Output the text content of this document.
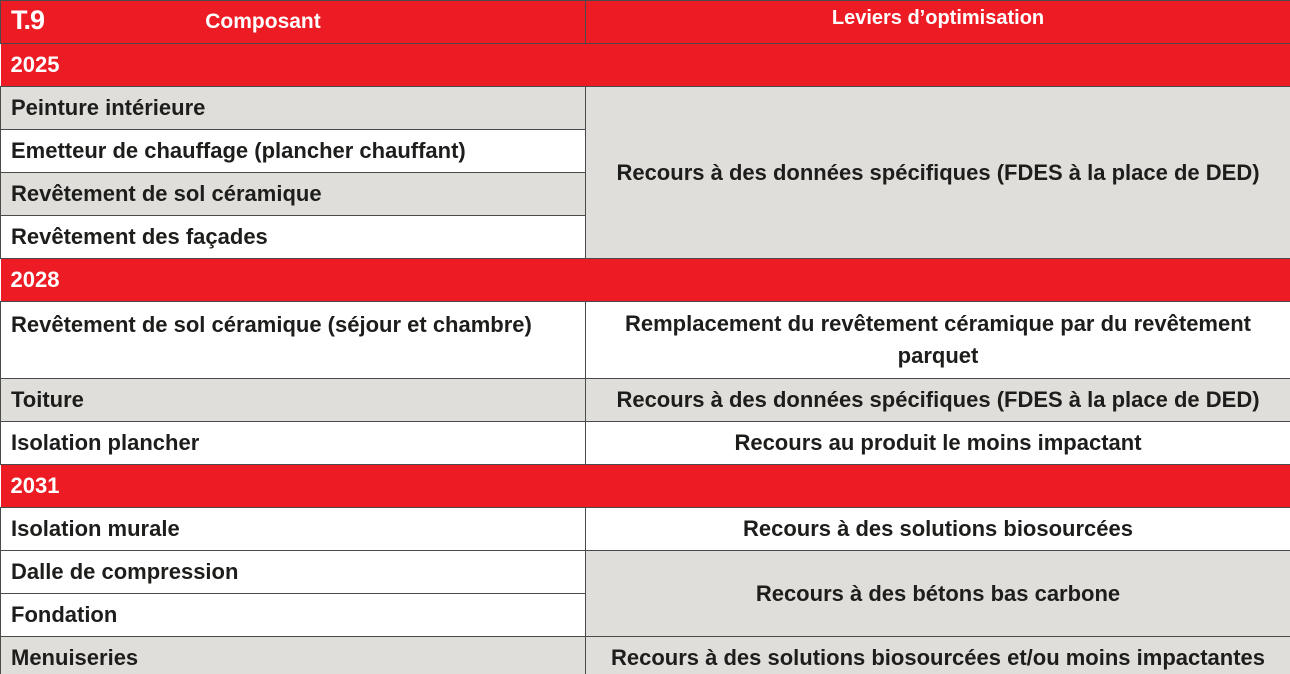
T.9 Composant	Leviers d’optimisation
2025	
Peinture intérieure	Recours à des données spécifiques (FDES à la place de DED)
Emetteur de chauffage (plancher chauffant)	
Revêtement de sol céramique	
Revêtement des façades	
2028	
Revêtement de sol céramique (séjour et chambre)	Remplacement du revêtement céramique par du revêtement parquet
Toiture	Recours à des données spécifiques (FDES à la place de DED)
Isolation plancher	Recours au produit le moins impactant
2031	
Isolation murale	Recours à des solutions biosourcées
Dalle de compression	Recours à des bétons bas carbone
Fondation	
Menuiseries	Recours à des solutions biosourcées et/ou moins impactantes
